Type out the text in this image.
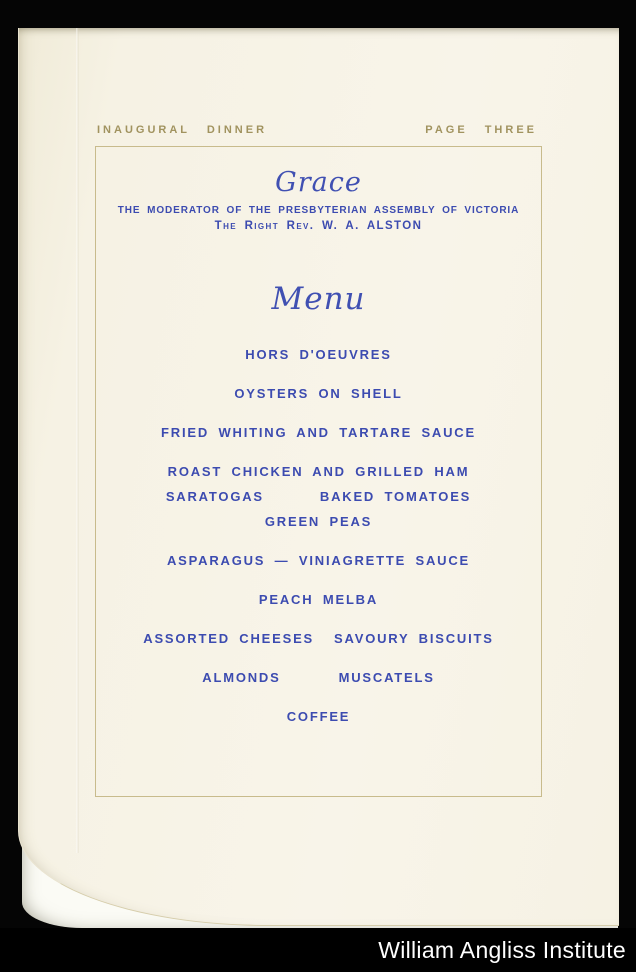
INAUGURAL DINNER	PAGE THREE
Grace
THE MODERATOR OF THE PRESBYTERIAN ASSEMBLY OF VICTORIA
The Right Rev. W. A. ALSTON
Menu
HORS D'OEUVRES
OYSTERS ON SHELL
FRIED WHITING AND TARTARE SAUCE
ROAST CHICKEN AND GRILLED HAM
SARATOGAS	BAKED TOMATOES
GREEN PEAS
ASPARAGUS — VINIAGRETTE SAUCE
PEACH MELBA
ASSORTED CHEESES SAVOURY BISCUITS
ALMONDS	MUSCATELS
COFFEE
William Angliss Institute
